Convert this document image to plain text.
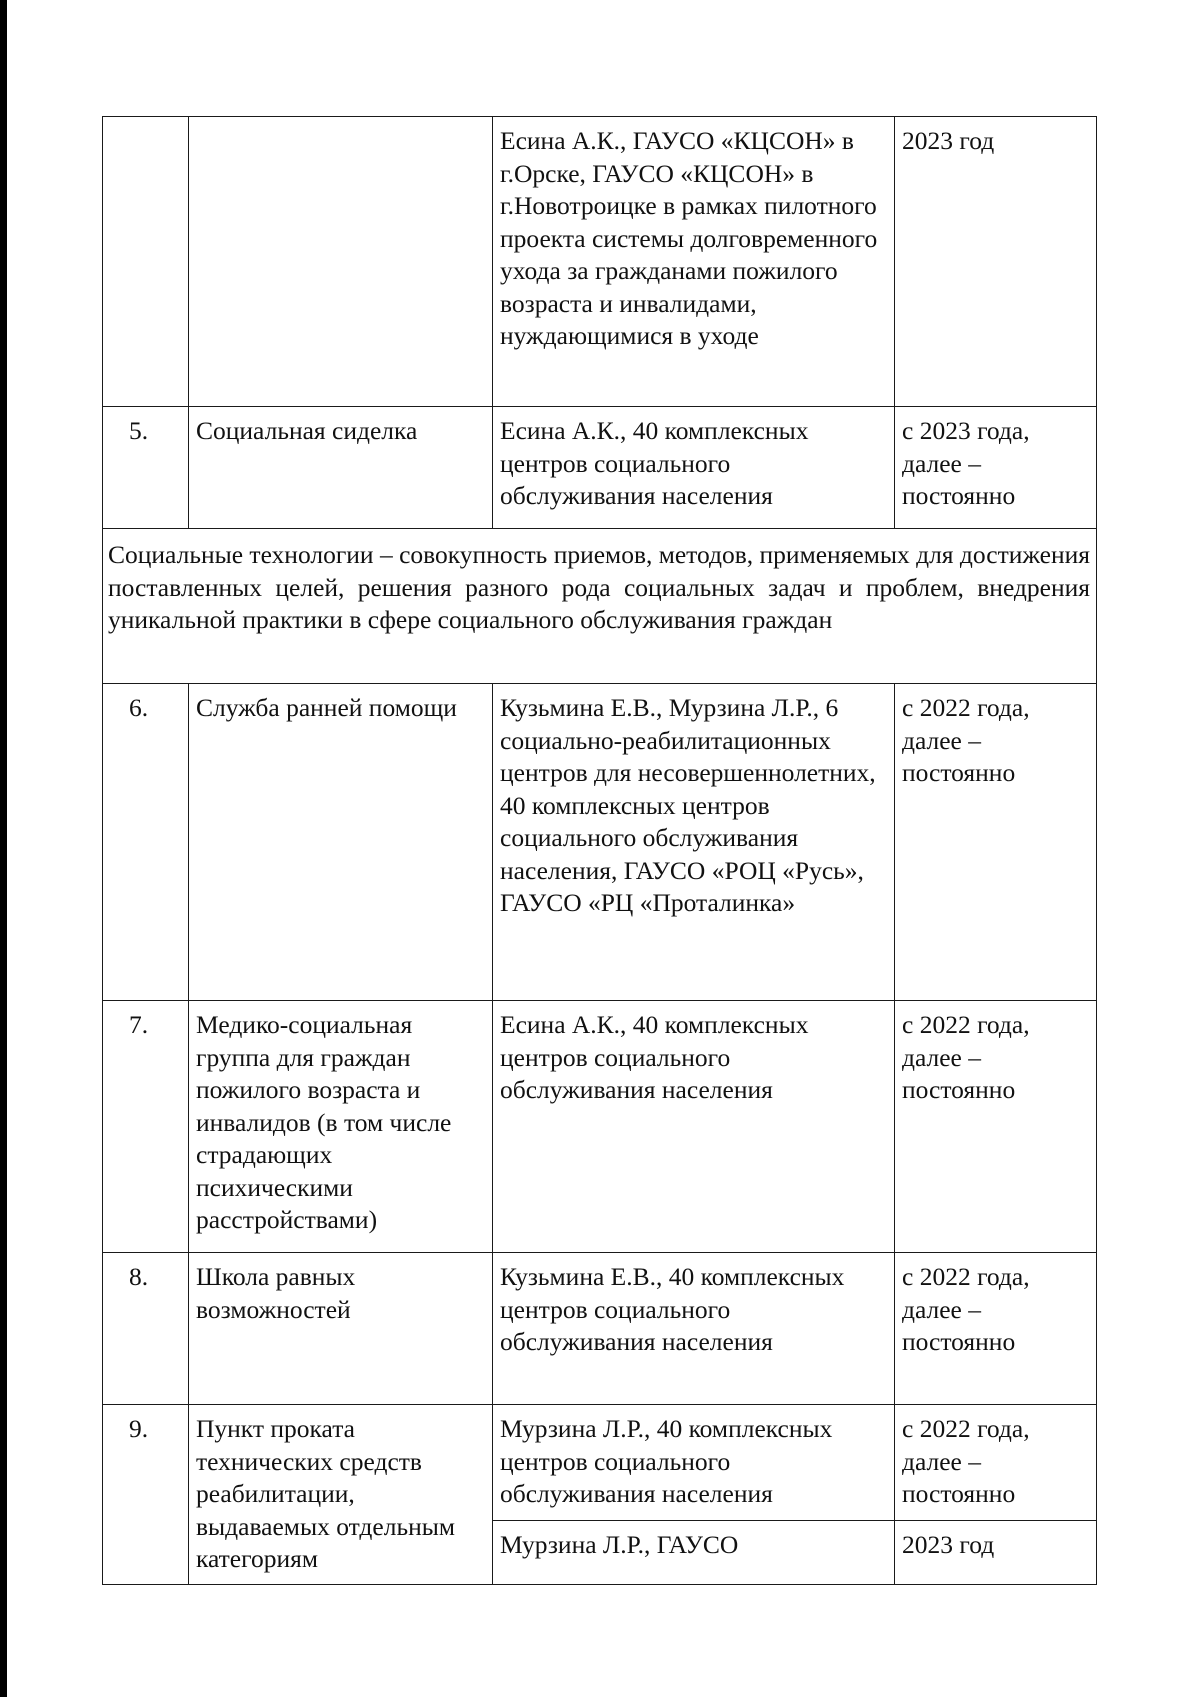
		Есина А.К., ГАУСО «КЦСОН» в г.Орске, ГАУСО «КЦСОН» в г.Новотроицке в рамках пилотного проекта системы долговременного ухода за гражданами пожилого возраста и инвалидами, нуждающимися в уходе	2023 год
5.	Социальная сиделка	Есина А.К., 40 комплексных центров социального обслуживания населения	с 2023 года, далее – постоянно
Социальные технологии – совокупность приемов, методов, применяемых для достижения поставленных целей, решения разного рода социальных задач и проблем, внедрения уникальной практики в сфере социального обслуживания граждан			
6.	Служба ранней помощи	Кузьмина Е.В., Мурзина Л.Р., 6 социально-реабилитационных центров для несовершеннолетних, 40 комплексных центров социального обслуживания населения, ГАУСО «РОЦ «Русь», ГАУСО «РЦ «Проталинка»	с 2022 года, далее – постоянно
7.	Медико-социальная группа для граждан пожилого возраста и инвалидов (в том числе страдающих психическими расстройствами)	Есина А.К., 40 комплексных центров социального обслуживания населения	с 2022 года, далее – постоянно
8.	Школа равных возможностей	Кузьмина Е.В., 40 комплексных центров социального обслуживания населения	с 2022 года, далее – постоянно
9.	Пункт проката технических средств реабилитации, выдаваемых отдельным категориям	Мурзина Л.Р., 40 комплексных центров социального обслуживания населения	с 2022 года, далее – постоянно
		Мурзина Л.Р., ГАУСО	2023 год
